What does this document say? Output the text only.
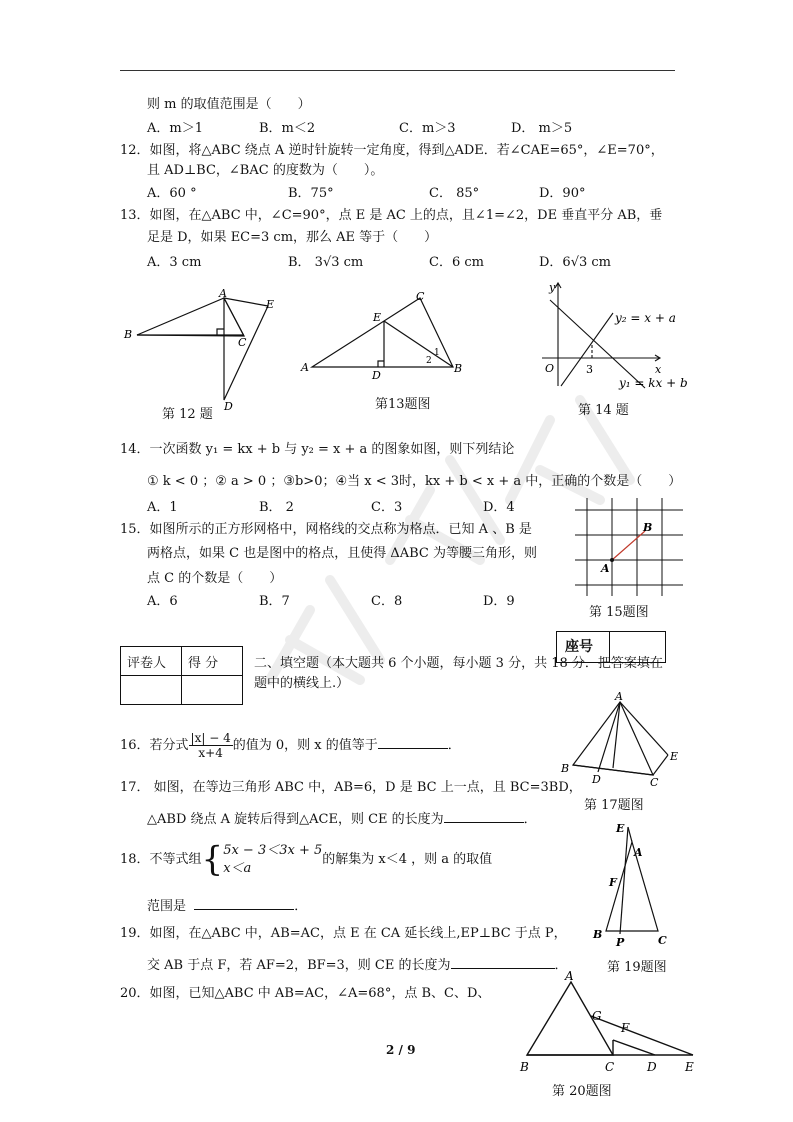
则 m 的取值范围是（　　）
A．m＞1	B．m＜2	C．m＞3	D． m＞5
12．如图，将△ABC 绕点 A 逆时针旋转一定角度，得到△ADE．若∠CAE=65°，∠E=70°，
且 AD⊥BC，∠BAC 的度数为（　　）。
A．60 °	B．75°	C． 85°	D．90°
13．如图，在△ABC 中，∠C=90°，点 E 是 AC 上的点，且∠1=∠2，DE 垂直平分 AB，垂
足是 D，如果 EC=3 cm，那么 AE 等于（　　）
A．3 cm	B． 3√3 cm	C．6 cm	D．6√3 cm
B
A
C
E
D
第 12 题
A
C
E
D
B
2
1
第13题图
y
x
O	3
y₂ = x + a
y₁ = kx + b
第 14 题
14．一次函数 y₁ = kx + b 与 y₂ = x + a 的图象如图，则下列结论
① k < 0 ；② a > 0 ；③b>0；④当 x < 3时，kx + b < x + a 中，正确的个数是（　　）
A．1	B． 2	C．3	D．4
15．如图所示的正方形网格中，网格线的交点称为格点．已知 A 、B 是
两格点，如果 C 也是图中的格点，且使得 ΔABC 为等腰三角形，则
点 C 的个数是（　　）
A．6	B．7	C．8	D．9
A
B
第 15题图
评卷人	得 分

座号
二、填空题（本大题共 6 个小题，每小题 3 分，共 18 分．把答案填在
题中的横线上.）
A
B
D	C
E
第 17题图
16．若分式 $\frac{|x| - 4}{x+4}$ 的值为 0，则 x 的值等于	．
17． 如图，在等边三角形 ABC 中，AB=6，D 是 BC 上一点，且 BC=3BD，
△ABD 绕点 A 旋转后得到△ACE，则 CE 的长度为	．
18．不等式组{ 5x − 3＜3x + 5
x＜a
的解集为 x＜4 ，则 a 的取值
范围是	．
E
A
F
B
P	C
第 19题图
19．如图，在△ABC 中，AB=AC，点 E 在 CA 延长线上,EP⊥BC 于点 P，
交 AB 于点 F，若 AF=2，BF=3，则 CE 的长度为	．
20．如图，已知△ABC 中 AB=AC，∠A=68°，点 B、C、D、
A
G
F
B	C	D E
第 20题图
2 / 9
